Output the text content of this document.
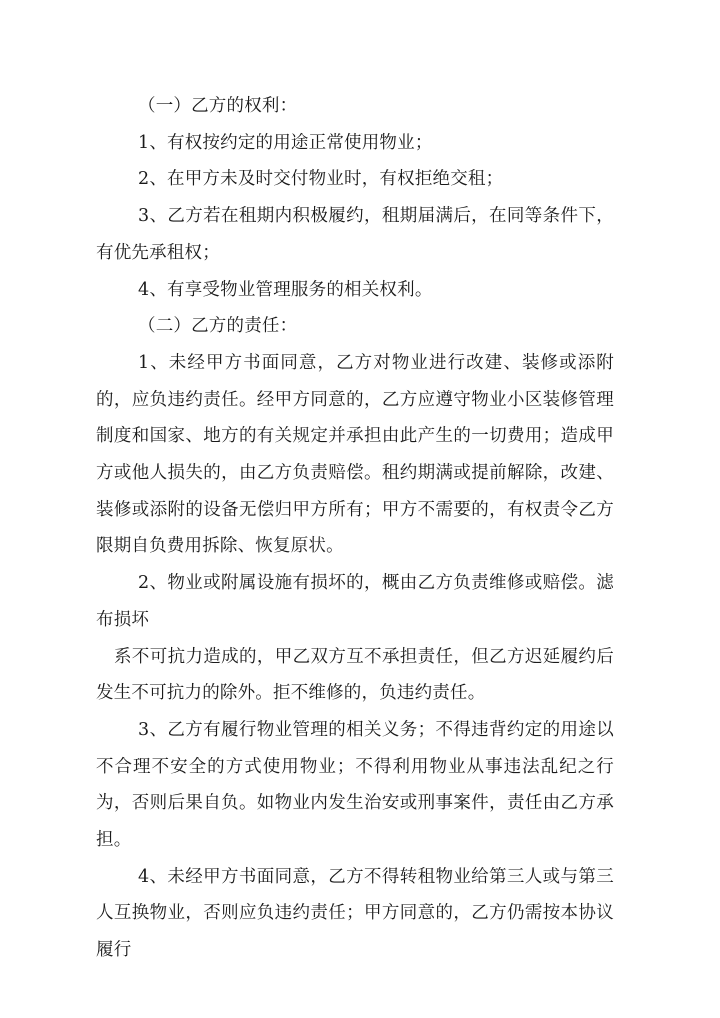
（一）乙方的权利：

1、有权按约定的用途正常使用物业；

2、在甲方未及时交付物业时，有权拒绝交租；

3、乙方若在租期内积极履约，租期届满后，在同等条件下，有优先承租权；

4、有享受物业管理服务的相关权利。

（二）乙方的责任：

1、未经甲方书面同意，乙方对物业进行改建、装修或添附的，应负违约责任。经甲方同意的，乙方应遵守物业小区装修管理制度和国家、地方的有关规定并承担由此产生的一切费用；造成甲方或他人损失的，由乙方负责赔偿。租约期满或提前解除，改建、装修或添附的设备无偿归甲方所有；甲方不需要的，有权责令乙方限期自负费用拆除、恢复原状。

2、物业或附属设施有损坏的，概由乙方负责维修或赔偿。滤布损坏

系不可抗力造成的，甲乙双方互不承担责任，但乙方迟延履约后发生不可抗力的除外。拒不维修的，负违约责任。

3、乙方有履行物业管理的相关义务；不得违背约定的用途以不合理不安全的方式使用物业；不得利用物业从事违法乱纪之行为，否则后果自负。如物业内发生治安或刑事案件，责任由乙方承担。

4、未经甲方书面同意，乙方不得转租物业给第三人或与第三人互换物业，否则应负违约责任；甲方同意的，乙方仍需按本协议履行
